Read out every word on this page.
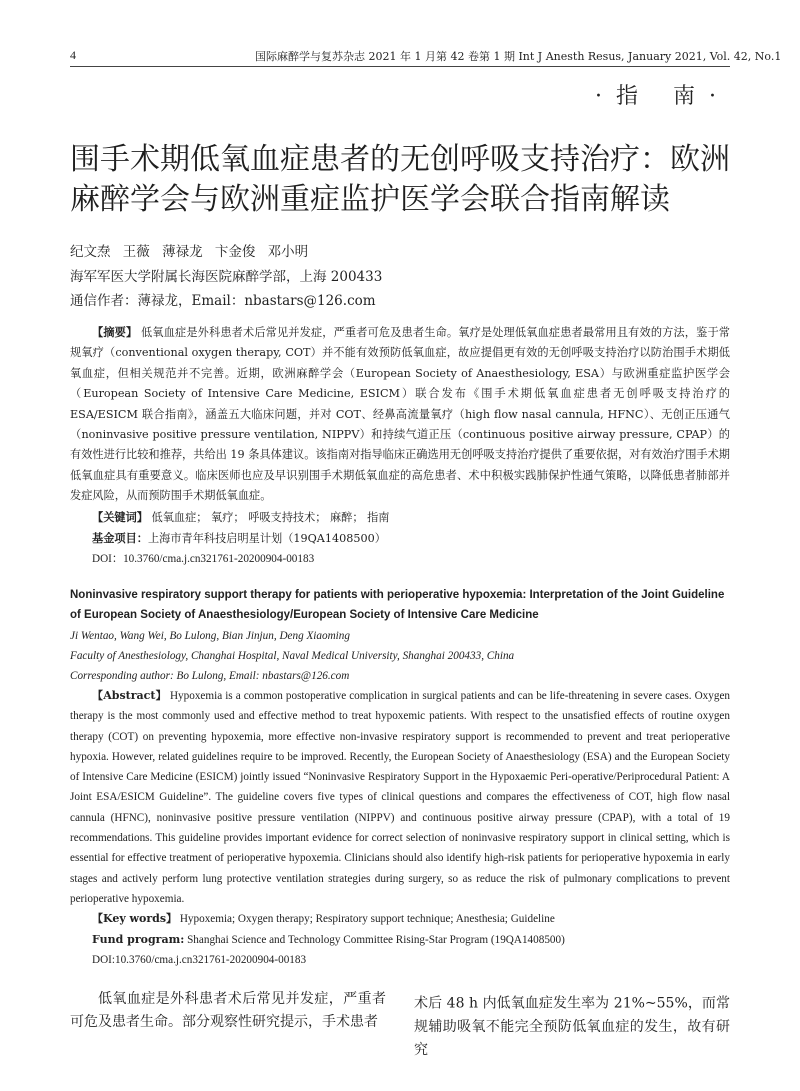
4	国际麻醉学与复苏杂志 2021 年 1 月第 42 卷第 1 期 Int J Anesth Resus, January 2021, Vol. 42, No.1
·指 南·
围手术期低氧血症患者的无创呼吸支持治疗：欧洲
麻醉学会与欧洲重症监护医学会联合指南解读
纪文焘 王薇 薄禄龙 卞金俊 邓小明
海军军医大学附属长海医院麻醉学部，上海 200433
通信作者：薄禄龙，Email：nbastars@126.com

【摘要】 低氧血症是外科患者术后常见并发症，严重者可危及患者生命。氧疗是处理低氧血症患者最常用且有效的方法，鉴于常规氧疗（conventional oxygen therapy, COT）并不能有效预防低氧血症，故应提倡更有效的无创呼吸支持治疗以防治围手术期低氧血症，但相关规范并不完善。近期，欧洲麻醉学会（European Society of Anaesthesiology, ESA）与欧洲重症监护医学会（European Society of Intensive Care Medicine, ESICM）联合发布《围手术期低氧血症患者无创呼吸支持治疗的 ESA/ESICM 联合指南》，涵盖五大临床问题，并对 COT、经鼻高流量氧疗（high flow nasal cannula, HFNC）、无创正压通气（noninvasive positive pressure ventilation, NIPPV）和持续气道正压（continuous positive airway pressure, CPAP）的有效性进行比较和推荐，共给出 19 条具体建议。该指南对指导临床正确选用无创呼吸支持治疗提供了重要依据，对有效治疗围手术期低氧血症具有重要意义。临床医师也应及早识别围手术期低氧血症的高危患者、术中积极实践肺保护性通气策略，以降低患者肺部并发症风险，从而预防围手术期低氧血症。

【关键词】 低氧血症； 氧疗； 呼吸支持技术； 麻醉； 指南

基金项目：上海市青年科技启明星计划（19QA1408500）

DOI：10.3760/cma.j.cn321761-20200904-00183

Noninvasive respiratory support therapy for patients with perioperative hypoxemia: Interpretation of the Joint Guideline of European Society of Anaesthesiology/European Society of Intensive Care Medicine
Ji Wentao, Wang Wei, Bo Lulong, Bian Jinjun, Deng Xiaoming
Faculty of Anesthesiology, Changhai Hospital, Naval Medical University, Shanghai 200433, China
Corresponding author: Bo Lulong, Email: nbastars@126.com

【Abstract】 Hypoxemia is a common postoperative complication in surgical patients and can be life-threatening in severe cases. Oxygen therapy is the most commonly used and effective method to treat hypoxemic patients. With respect to the unsatisfied effects of routine oxygen therapy (COT) on preventing hypoxemia, more effective non-invasive respiratory support is recommended to prevent and treat perioperative hypoxia. However, related guidelines require to be improved. Recently, the European Society of Anaesthesiology (ESA) and the European Society of Intensive Care Medicine (ESICM) jointly issued “Noninvasive Respiratory Support in the Hypoxaemic Peri-operative/Periprocedural Patient: A Joint ESA/ESICM Guideline”. The guideline covers five types of clinical questions and compares the effectiveness of COT, high flow nasal cannula (HFNC), noninvasive positive pressure ventilation (NIPPV) and continuous positive airway pressure (CPAP), with a total of 19 recommendations. This guideline provides important evidence for correct selection of noninvasive respiratory support in clinical setting, which is essential for effective treatment of perioperative hypoxemia. Clinicians should also identify high-risk patients for perioperative hypoxemia in early stages and actively perform lung protective ventilation strategies during surgery, so as reduce the risk of pulmonary complications to prevent perioperative hypoxemia.

【Key words】 Hypoxemia; Oxygen therapy; Respiratory support technique; Anesthesia; Guideline

Fund program: Shanghai Science and Technology Committee Rising-Star Program (19QA1408500)

DOI:10.3760/cma.j.cn321761-20200904-00183

低氧血症是外科患者术后常见并发症，严重者可危及患者生命。部分观察性研究提示，手术患者

术后 48 h 内低氧血症发生率为 21%~55%，而常规辅助吸氧不能完全预防低氧血症的发生，故有研究
